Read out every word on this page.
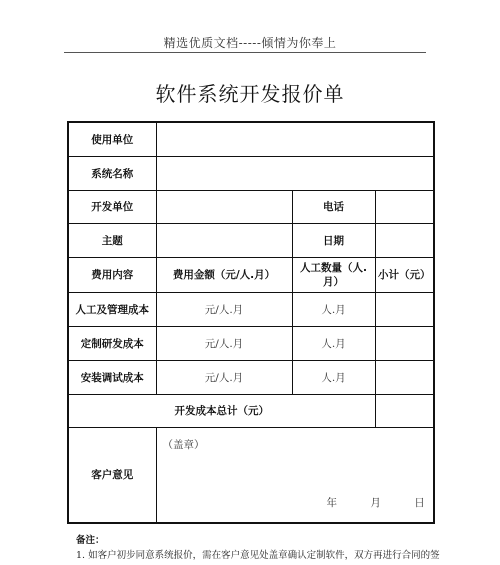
精选优质文档-----倾情为你奉上
软件系统开发报价单
使用单位			
系统名称			
开发单位		电话	
主题		日期	
费用内容	费用金额（元/人.月）	人工数量（人.月）	小计（元）
人工及管理成本	元/人.月	人.月	
定制研发成本	元/人.月	人.月	
安装调试成本	元/人.月	人.月	
开发成本总计（元）			
客户意见	（盖章）
年 月 日		
备注：
1. 如客户初步同意系统报价，需在客户意见处盖章确认定制软件，双方再进行合同的签
